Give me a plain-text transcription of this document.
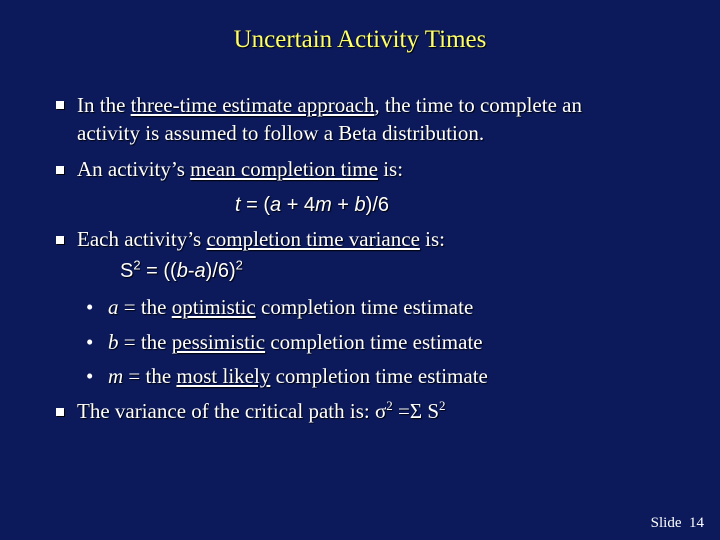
Uncertain Activity Times
In the three-time estimate approach, the time to complete an
activity is assumed to follow a Beta distribution.
An activity’s mean completion time is:
t = (a + 4m + b)/6
Each activity’s completion time variance is:
$S^2 = ((b-a)/6)^2$
• a = the optimistic completion time estimate
• b = the pessimistic completion time estimate
• m = the most likely completion time estimate
The variance of the critical path is: $\sigma^2 =\Sigma$ $S^2$
Slide 14
